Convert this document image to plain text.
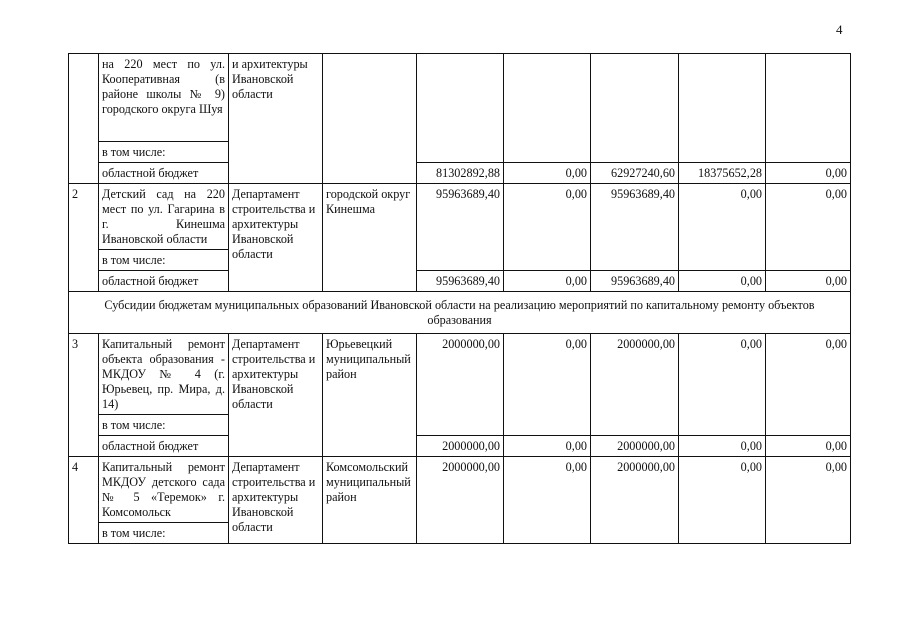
4
	на 220 мест по ул. Кооперативная (в районе школы № 9) городского округа Шуя	и архитектуры Ивановской области						
	в том числе:							
	областной бюджет			81302892,88	0,00	62927240,60	18375652,28	0,00
2	Детский сад на 220 мест по ул. Гагарина в г. Кинешма Ивановской области	Департамент строительства и архитектуры Ивановской области	городской округ Кинешма	95963689,40	0,00	95963689,40	0,00	0,00
	в том числе:							
	областной бюджет			95963689,40	0,00	95963689,40	0,00	0,00
Субсидии бюджетам муниципальных образований Ивановской области на реализацию мероприятий по капитальному ремонту объектов образования								
3	Капитальный ремонт объекта образования - МКДОУ № 4 (г. Юрьевец, пр. Мира, д. 14)	Департамент строительства и архитектуры Ивановской области	Юрьевецкий муниципальный район	2000000,00	0,00	2000000,00	0,00	0,00
	в том числе:							
	областной бюджет			2000000,00	0,00	2000000,00	0,00	0,00
4	Капитальный ремонт МКДОУ детского сада № 5 «Теремок» г. Комсомольск	Департамент строительства и архитектуры Ивановской области	Комсомольский муниципальный район	2000000,00	0,00	2000000,00	0,00	0,00
	в том числе:							
